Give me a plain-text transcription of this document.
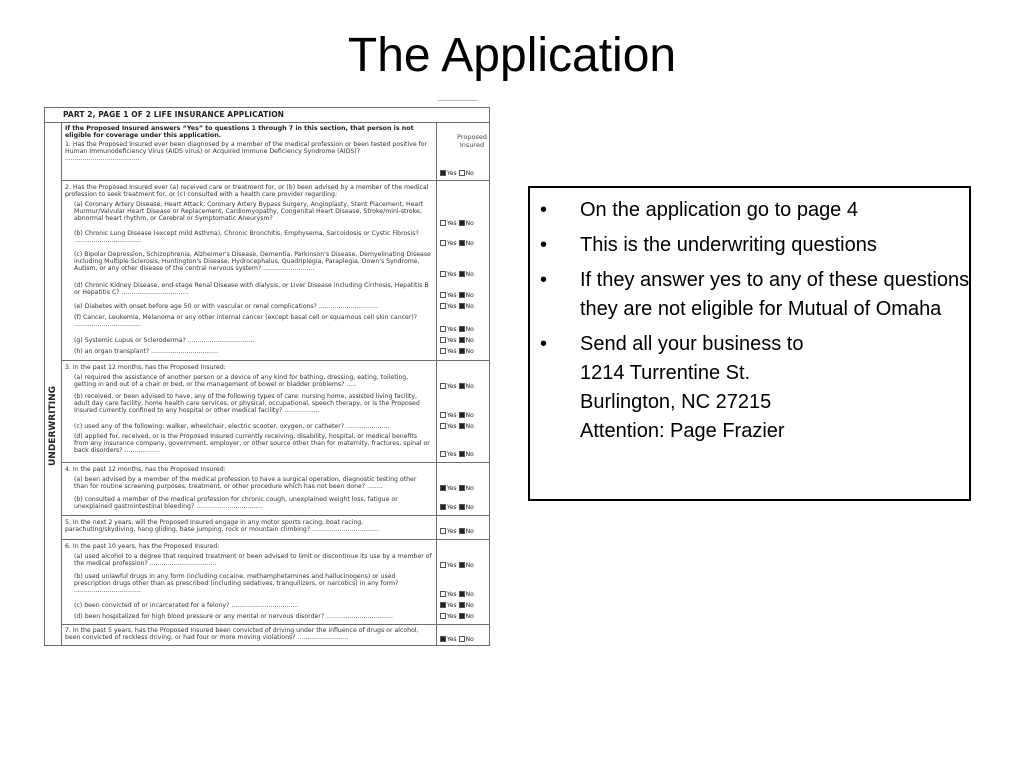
The Application
PART 2, PAGE 1 OF 2 LIFE INSURANCE APPLICATION
UNDERWRITING
If the Proposed Insured answers “Yes” to questions 1 through 7 in this section, that person is not eligible for coverage under this application.	Proposed Insured
1. Has the Proposed Insured ever been diagnosed by a member of the medical profession or been tested positive for Human Immunodeficiency Virus (AIDS virus) or Acquired Immune Deficiency Syndrome (AIDS)? ......................................
Yes No
2. Has the Proposed Insured ever (a) received care or treatment for, or (b) been advised by a member of the medical profession to seek treatment for, or (c) consulted with a health care provider regarding:
(a) Coronary Artery Disease, Heart Attack, Coronary Artery Bypass Surgery, Angioplasty, Stent Placement, Heart Murmur/Valvular Heart Disease or Replacement, Cardiomyopathy, Congenital Heart Disease, Stroke/mini-stroke, abnormal heart rhythm, or Cerebral or Symptomatic Aneurysm?
Yes No
(b) Chronic Lung Disease (except mild Asthma), Chronic Bronchitis, Emphysema, Sarcoidosis or Cystic Fibrosis? ..................................	Yes No
(c) Bipolar Depression, Schizophrenia, Alzheimer's Disease, Dementia, Parkinson's Disease, Demyelinating Disease including Multiple Sclerosis, Huntington's Disease, Hydrocephalus, Quadriplegia, Paraplegia, Down's Syndrome, Autism, or any other disease of the central nervous system? ..........................
Yes No
(d) Chronic Kidney Disease, end-stage Renal Disease with dialysis, or Liver Disease including Cirrhosis, Hepatitis B or Hepatitis C? ..................................	Yes No
(e) Diabetes with onset before age 50 or with vascular or renal complications? ..............................	Yes No
(f) Cancer, Leukemia, Melanoma or any other internal cancer (except basal cell or squamous cell skin cancer)? ..................................
Yes No
(g) Systemic Lupus or Scleroderma? ..................................	Yes No
(h) an organ transplant? ..................................	Yes No
3. In the past 12 months, has the Proposed Insured:
(a) required the assistance of another person or a device of any kind for bathing, dressing, eating, toileting, getting in and out of a chair or bed, or the management of bowel or bladder problems? .....	Yes No
(b) received, or been advised to have, any of the following types of care: nursing home, assisted living facility, adult day care facility, home health care services, or physical, occupational, speech therapy, or is the Proposed Insured currently confined to any hospital or other medical facility? ..................
Yes No
(c) used any of the following: walker, wheelchair, electric scooter, oxygen, or catheter? ......................	Yes No
(d) applied for, received, or is the Proposed Insured currently receiving, disability, hospital, or medical benefits from any insurance company, government, employer, or other source other than for maternity, fractures, spinal or back disorders? ..................
Yes No
4. In the past 12 months, has the Proposed Insured:
(a) been advised by a member of the medical profession to have a surgical operation, diagnostic testing other than for routine screening purposes, treatment, or other procedure which has not been done? ........	Yes No
(b) consulted a member of the medical profession for chronic cough, unexplained weight loss, fatigue or unexplained gastrointestinal bleeding? ..................................	Yes No
5. In the next 2 years, will the Proposed Insured engage in any motor sports racing, boat racing, parachuting/skydiving, hang gliding, base jumping, rock or mountain climbing? ..................................	Yes No
6. In the past 10 years, has the Proposed Insured:
(a) used alcohol to a degree that required treatment or been advised to limit or discontinue its use by a member of the medical profession? ..................................	Yes No
(b) used unlawful drugs in any form (including cocaine, methamphetamines and hallucinogens) or used prescription drugs other than as prescribed (including sedatives, tranquilizers, or narcotics) in any form? ..................................
Yes No
(c) been convicted of or incarcerated for a felony? ..................................	Yes No
(d) been hospitalized for high blood pressure or any mental or nervous disorder? ..................................	Yes No
7. In the past 5 years, has the Proposed Insured been convicted of driving under the influence of drugs or alcohol, been convicted of reckless driving, or had four or more moving violations? ..........................	Yes No
• On the application go to page 4
• This is the underwriting questions
• If they answer yes to any of these questions they are not eligible for Mutual of Omaha
• Send all your business to
1214 Turrentine St.
Burlington, NC 27215
Attention: Page Frazier
